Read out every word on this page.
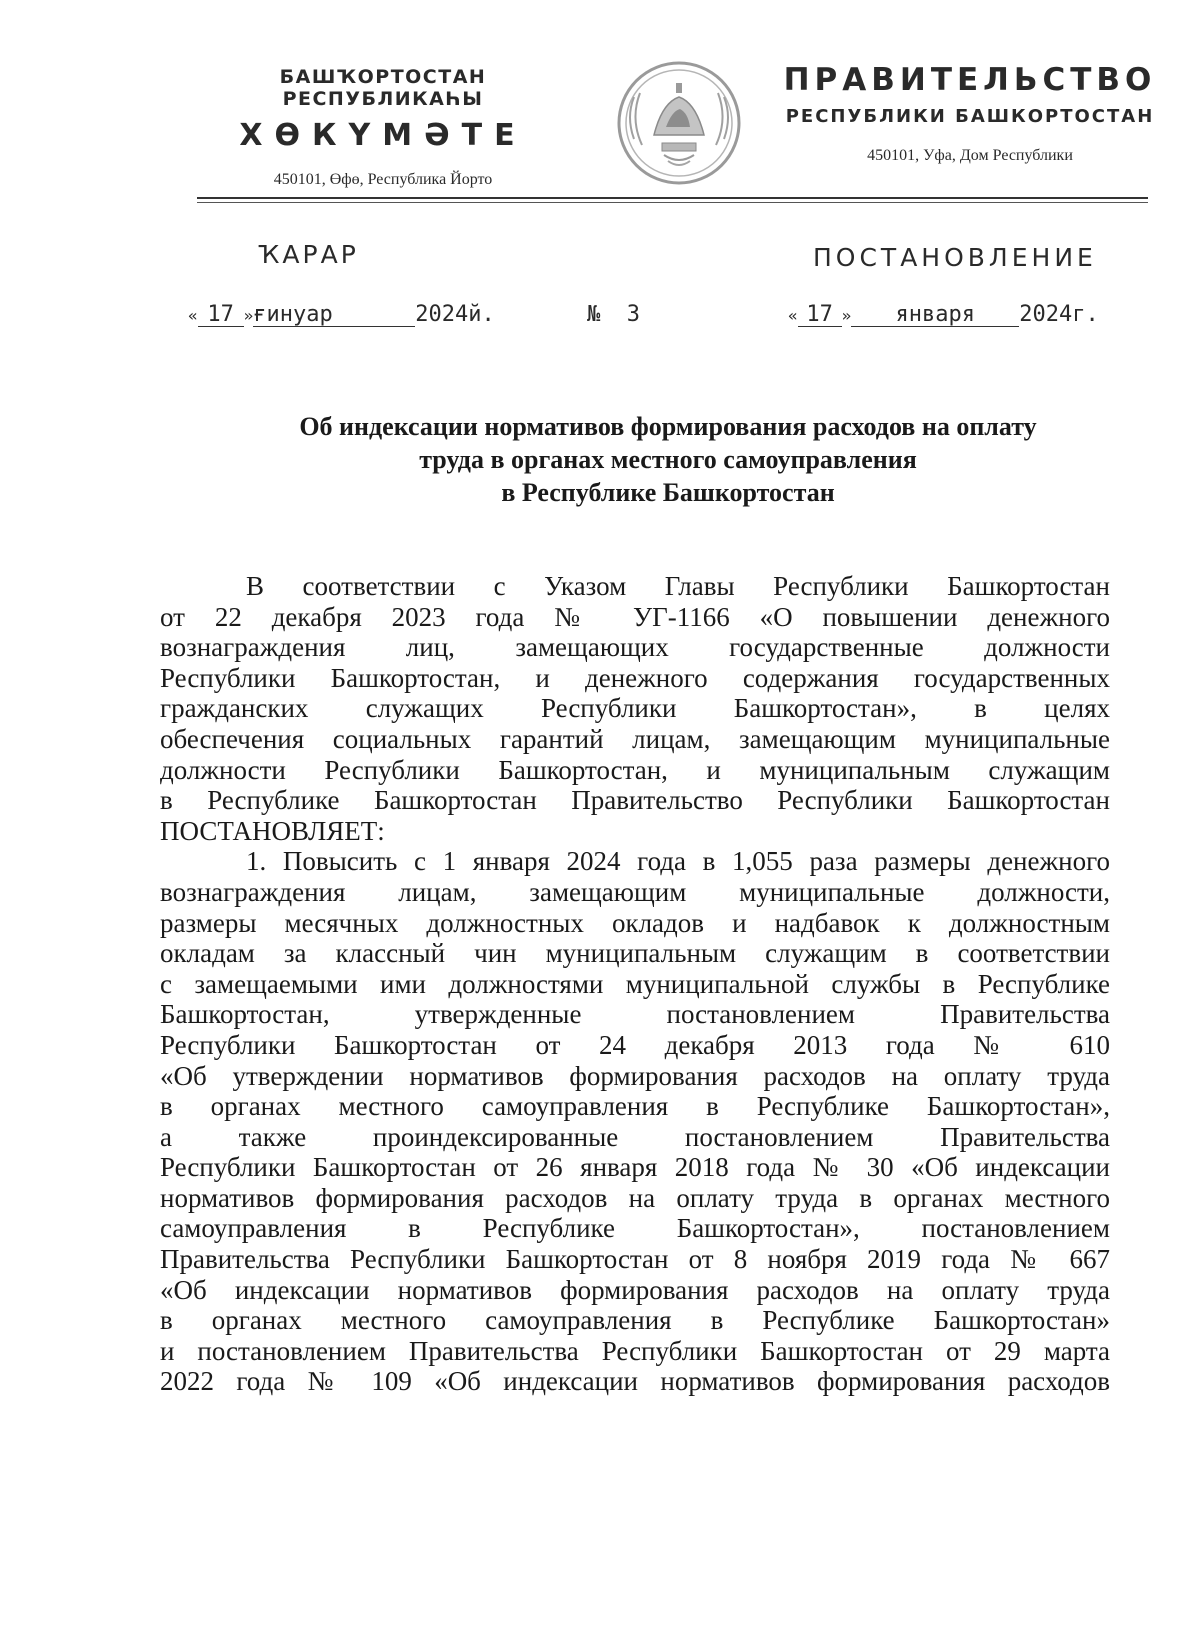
БАШҠОРТОСТАН РЕСПУБЛИКАҺЫ
ХӨКҮМӘТЕ
450101, Өфө, Республика Йорто
ПРАВИТЕЛЬСТВО
РЕСПУБЛИКИ БАШКОРТОСТАН
450101, Уфа, Дом Республики
ҠАРАР	ПОСТАНОВЛЕНИЕ
« 17 »ғинуар	2024й.	№ 3	« 17 » января 2024г.
Об индексации нормативов формирования расходов на оплату
труда в органах местного самоуправления
в Республике Башкортостан
В соответствии с Указом Главы Республики Башкортостан
от 22 декабря 2023 года № УГ-1166 «О повышении денежного
вознаграждения лиц, замещающих государственные должности
Республики Башкортостан, и денежного содержания государственных
гражданских служащих Республики Башкортостан», в целях
обеспечения социальных гарантий лицам, замещающим муниципальные
должности Республики Башкортостан, и муниципальным служащим
в Республике Башкортостан Правительство Республики Башкортостан
ПОСТАНОВЛЯЕТ:
1. Повысить с 1 января 2024 года в 1,055 раза размеры денежного
вознаграждения лицам, замещающим муниципальные должности,
размеры месячных должностных окладов и надбавок к должностным
окладам за классный чин муниципальным служащим в соответствии
с замещаемыми ими должностями муниципальной службы в Республике
Башкортостан, утвержденные постановлением Правительства
Республики Башкортостан от 24 декабря 2013 года № 610
«Об утверждении нормативов формирования расходов на оплату труда
в органах местного самоуправления в Республике Башкортостан»,
а также проиндексированные постановлением Правительства
Республики Башкортостан от 26 января 2018 года № 30 «Об индексации
нормативов формирования расходов на оплату труда в органах местного
самоуправления в Республике Башкортостан», постановлением
Правительства Республики Башкортостан от 8 ноября 2019 года № 667
«Об индексации нормативов формирования расходов на оплату труда
в органах местного самоуправления в Республике Башкортостан»
и постановлением Правительства Республики Башкортостан от 29 марта
2022 года № 109 «Об индексации нормативов формирования расходов
